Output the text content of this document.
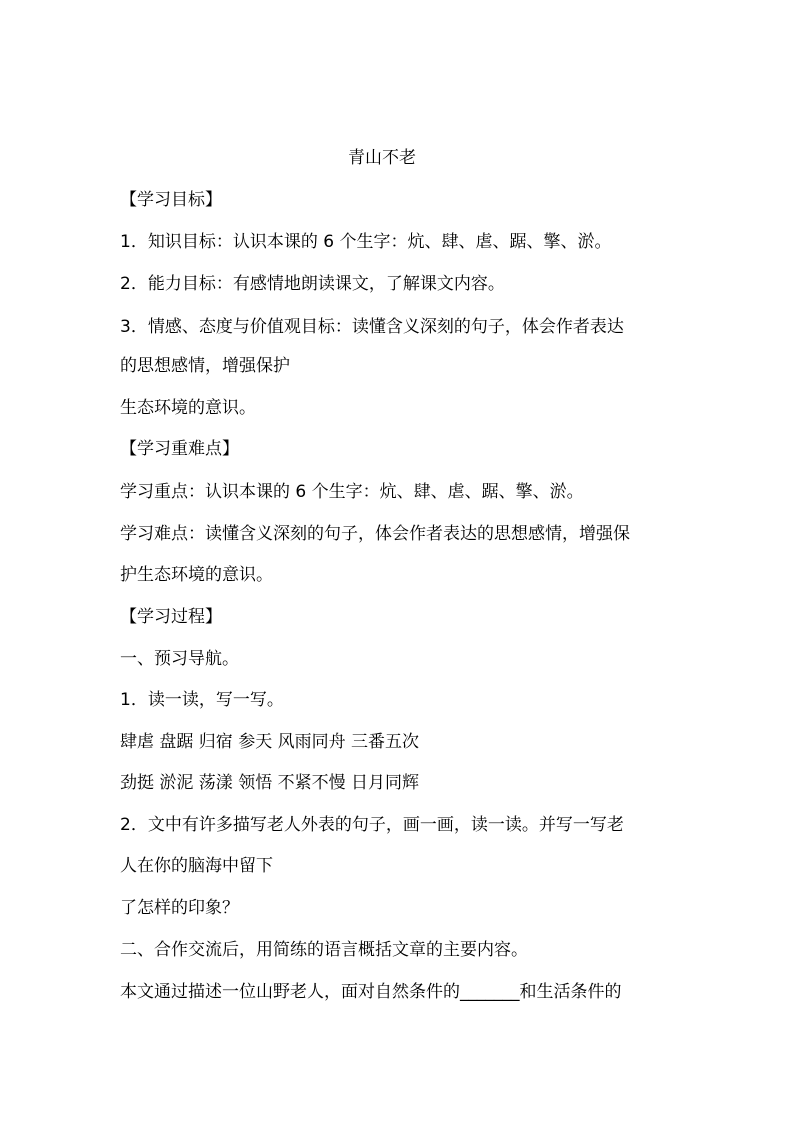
青山不老
【学习目标】
1．知识目标：认识本课的 6 个生字：炕、肆、虐、踞、擎、淤。
2．能力目标：有感情地朗读课文，了解课文内容。
3．情感、态度与价值观目标：读懂含义深刻的句子，体会作者表达
的思想感情，增强保护
生态环境的意识。
【学习重难点】
学习重点：认识本课的 6 个生字：炕、肆、虐、踞、擎、淤。
学习难点：读懂含义深刻的句子，体会作者表达的思想感情，增强保
护生态环境的意识。
【学习过程】
一、预习导航。
1．读一读，写一写。
肆虐 盘踞 归宿 参天 风雨同舟 三番五次
劲挺 淤泥 荡漾 领悟 不紧不慢 日月同辉
2．文中有许多描写老人外表的句子，画一画，读一读。并写一写老
人在你的脑海中留下
了怎样的印象？
二、合作交流后，用简练的语言概括文章的主要内容。
本文通过描述一位山野老人，面对自然条件的_______和生活条件的
